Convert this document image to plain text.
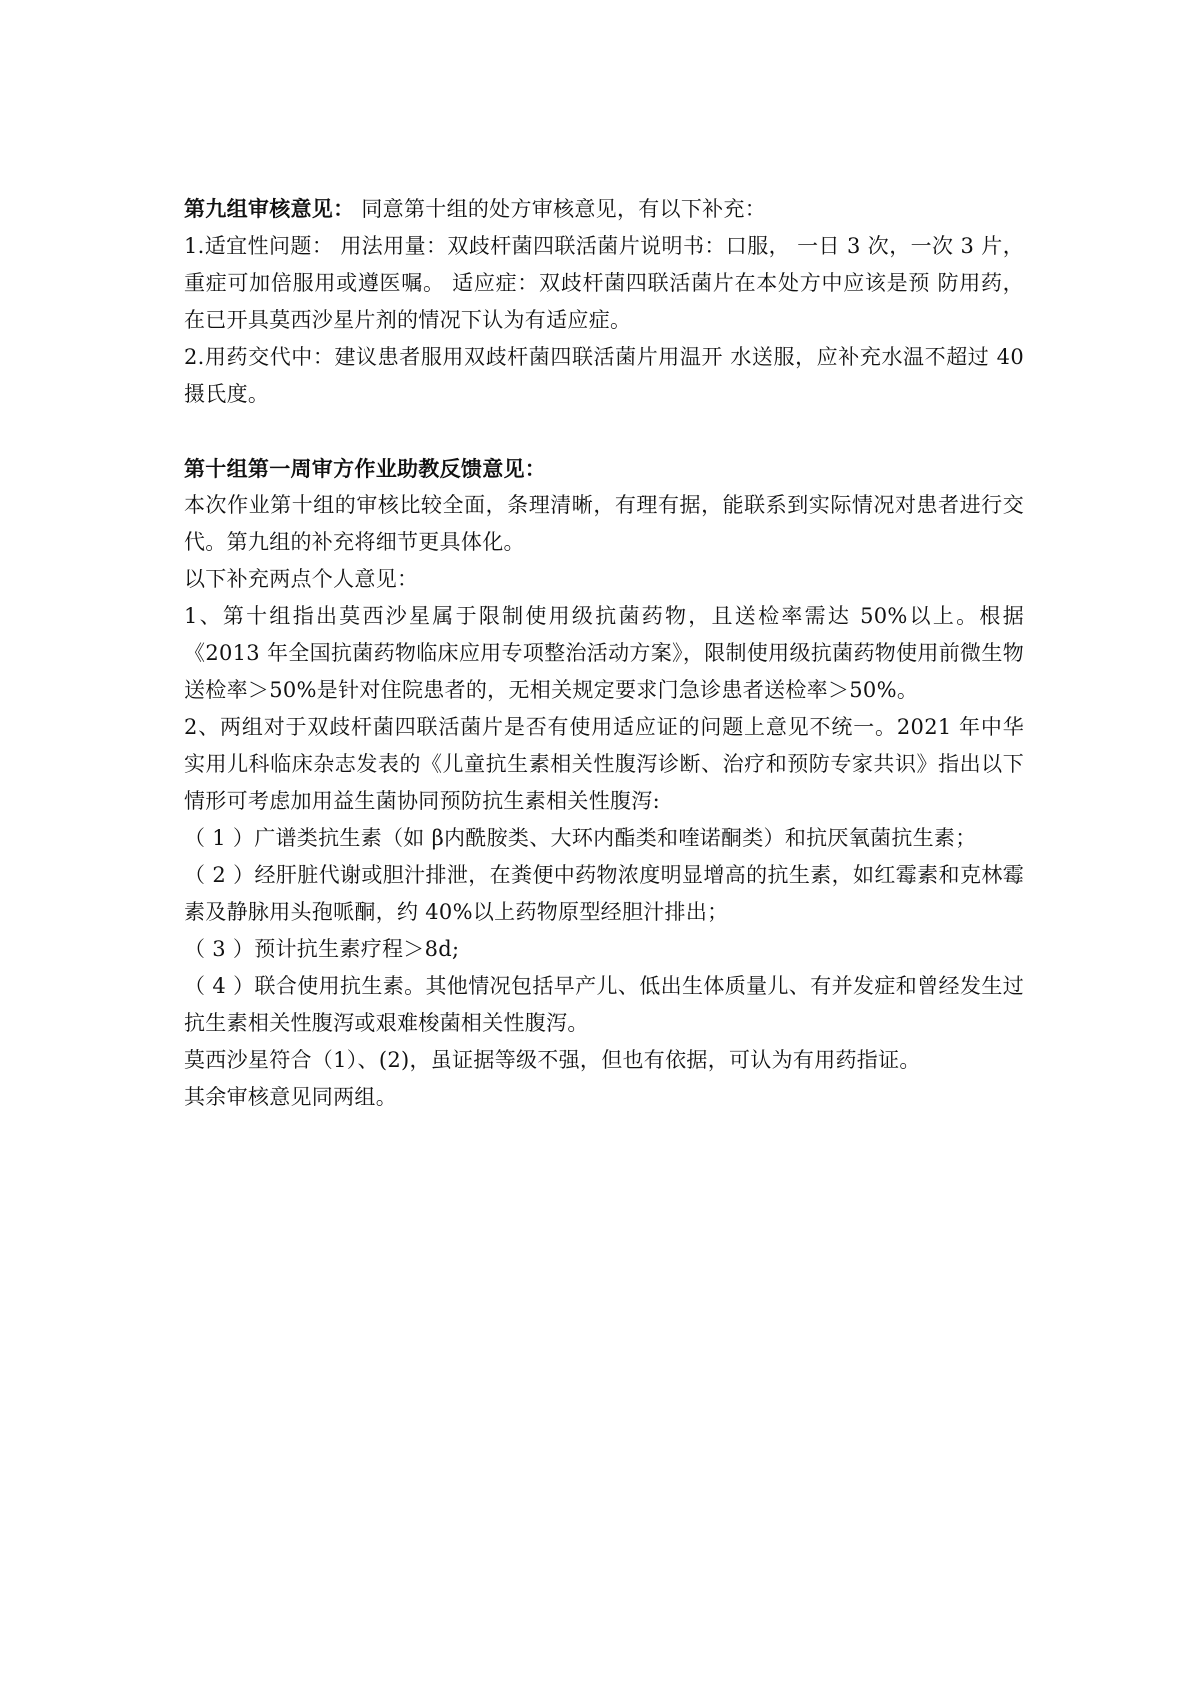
第九组审核意见： 同意第十组的处方审核意见，有以下补充：

1.适宜性问题： 用法用量：双歧杆菌四联活菌片说明书：口服， 一日 3 次，一次 3 片，重症可加倍服用或遵医嘱。 适应症：双歧杆菌四联活菌片在本处方中应该是预 防用药，在已开具莫西沙星片剂的情况下认为有适应症。

2.用药交代中：建议患者服用双歧杆菌四联活菌片用温开 水送服，应补充水温不超过 40 摄氏度。

第十组第一周审方作业助教反馈意见：

本次作业第十组的审核比较全面，条理清晰，有理有据，能联系到实际情况对患者进行交代。第九组的补充将细节更具体化。

以下补充两点个人意见：

1、第十组指出莫西沙星属于限制使用级抗菌药物，且送检率需达 50%以上。根据《2013 年全国抗菌药物临床应用专项整治活动方案》，限制使用级抗菌药物使用前微生物送检率＞50%是针对住院患者的，无相关规定要求门急诊患者送检率＞50%。

2、两组对于双歧杆菌四联活菌片是否有使用适应证的问题上意见不统一。2021 年中华实用儿科临床杂志发表的《儿童抗生素相关性腹泻诊断、治疗和预防专家共识》指出以下情形可考虑加用益生菌协同预防抗生素相关性腹泻:

（ 1 ）广谱类抗生素（如 β内酰胺类、大环内酯类和喹诺酮类）和抗厌氧菌抗生素；

（ 2 ）经肝脏代谢或胆汁排泄，在粪便中药物浓度明显增高的抗生素，如红霉素和克林霉素及静脉用头孢哌酮，约 40%以上药物原型经胆汁排出；

（ 3 ）预计抗生素疗程＞8d;

（ 4 ）联合使用抗生素。其他情况包括早产儿、低出生体质量儿、有并发症和曾经发生过抗生素相关性腹泻或艰难梭菌相关性腹泻。

莫西沙星符合（1）、(2)，虽证据等级不强，但也有依据，可认为有用药指证。

其余审核意见同两组。
